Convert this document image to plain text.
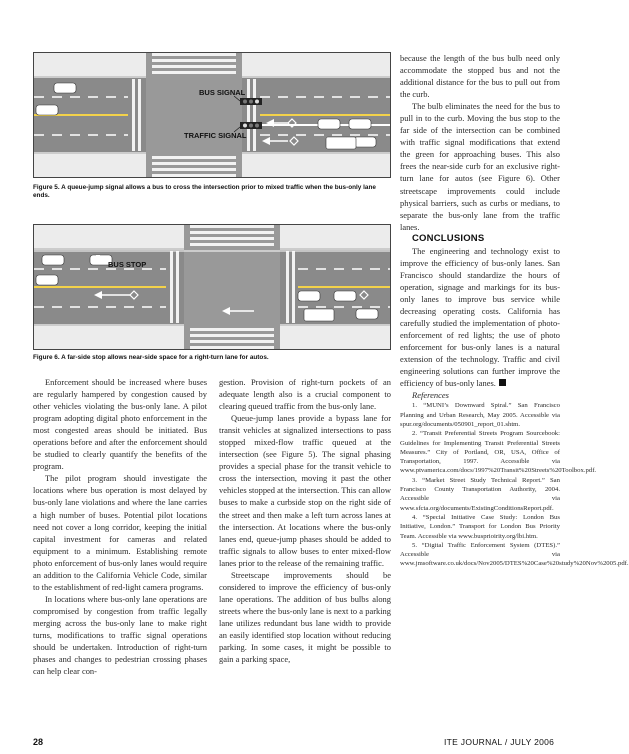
BUS SIGNAL
TRAFFIC SIGNAL

Figure 5. A queue-jump signal allows a bus to cross the intersection prior to mixed traffic when the bus-only lane ends.

BUS STOP

Figure 6. A far-side stop allows near-side space for a right-turn lane for autos.

Enforcement should be increased where buses are regularly hampered by congestion caused by other vehicles violating the bus-only lane. A pilot program adopting digital photo enforcement in the most congested areas should be initiated. Bus operations before and after the enforcement should be studied to clearly quantify the benefits of the program.

The pilot program should investigate the locations where bus operation is most delayed by bus-only lane violations and where the lane carries a high number of buses. Potential pilot locations need not cover a long corridor, keeping the initial capital investment for cameras and related equipment to a minimum. Establishing remote photo enforcement of bus-only lanes would require an addition to the California Vehicle Code, similar to the establishment of red-light camera programs.

In locations where bus-only lane operations are compromised by congestion from traffic legally merging across the bus-only lane to make right turns, modifications to traffic signal operations should be undertaken. Introduction of right-turn phases and changes to pedestrian crossing phases can help clear con-

gestion. Provision of right-turn pockets of an adequate length also is a crucial component to clearing queued traffic from the bus-only lane.

Queue-jump lanes provide a bypass lane for transit vehicles at signalized intersections to pass stopped mixed-flow traffic queued at the intersection (see Figure 5). The signal phasing provides a special phase for the transit vehicle to cross the intersection, moving it past the other vehicles stopped at the intersection. This can allow buses to make a curbside stop on the right side of the street and then make a left turn across lanes at the intersection. At locations where the bus-only lanes end, queue-jump phases should be added to traffic signals to allow buses to enter mixed-flow lanes prior to the release of the remaining traffic.

Streetscape improvements should be considered to improve the efficiency of bus-only lane operations. The addition of bus bulbs along streets where the bus-only lane is next to a parking lane utilizes redundant bus lane width to provide an easily identified stop location without reducing parking. In some cases, it might be possible to gain a parking space,

because the length of the bus bulb need only accommodate the stopped bus and not the additional distance for the bus to pull out from the curb.

The bulb eliminates the need for the bus to pull in to the curb. Moving the bus stop to the far side of the intersection can be combined with traffic signal modifications that extend the green for approaching buses. This also frees the near-side curb for an exclusive right-turn lane for autos (see Figure 6). Other streetscape improvements could include physical barriers, such as curbs or medians, to separate the bus-only lane from the traffic lanes.

CONCLUSIONS

The engineering and technology exist to improve the efficiency of bus-only lanes. San Francisco should standardize the hours of operation, signage and markings for its bus-only lanes to improve bus service while decreasing operating costs. California has carefully studied the implementation of photo-enforcement of red lights; the use of photo enforcement for bus-only lanes is a natural extension of the technology. Traffic and civil engineering solutions can further improve the efficiency of bus-only lanes.

References

1. “MUNI’s Downward Spiral.” San Francisco Planning and Urban Research, May 2005. Accessible via spur.org/documents/050901_report_01.shtm.

2. “Transit Preferential Streets Program Sourcebook: Guidelines for Implementing Transit Preferential Streets Measures.” City of Portland, OR, USA, Office of Transportation, 1997. Accessible via www.ptvamerica.com/docs/1997%20Transit%20Streets%20Toolbox.pdf.

3. “Market Street Study Technical Report.” San Francisco County Transportation Authority, 2004. Accessible via www.sfcta.org/documents/ExistingConditionsReport.pdf.

4. “Special Initiative Case Study: London Bus Initiative, London.” Transport for London Bus Priority Team. Accessible via www.busprioirity.org/lbi.htm.

5. “Digital Traffic Enforcement System (DTES).” Accessible via www.jmsoftware.co.uk/docs/Nov2005/DTES%20Case%20study%20Nov%2005.pdf.

28	ITE JOURNAL / JULY 2006
